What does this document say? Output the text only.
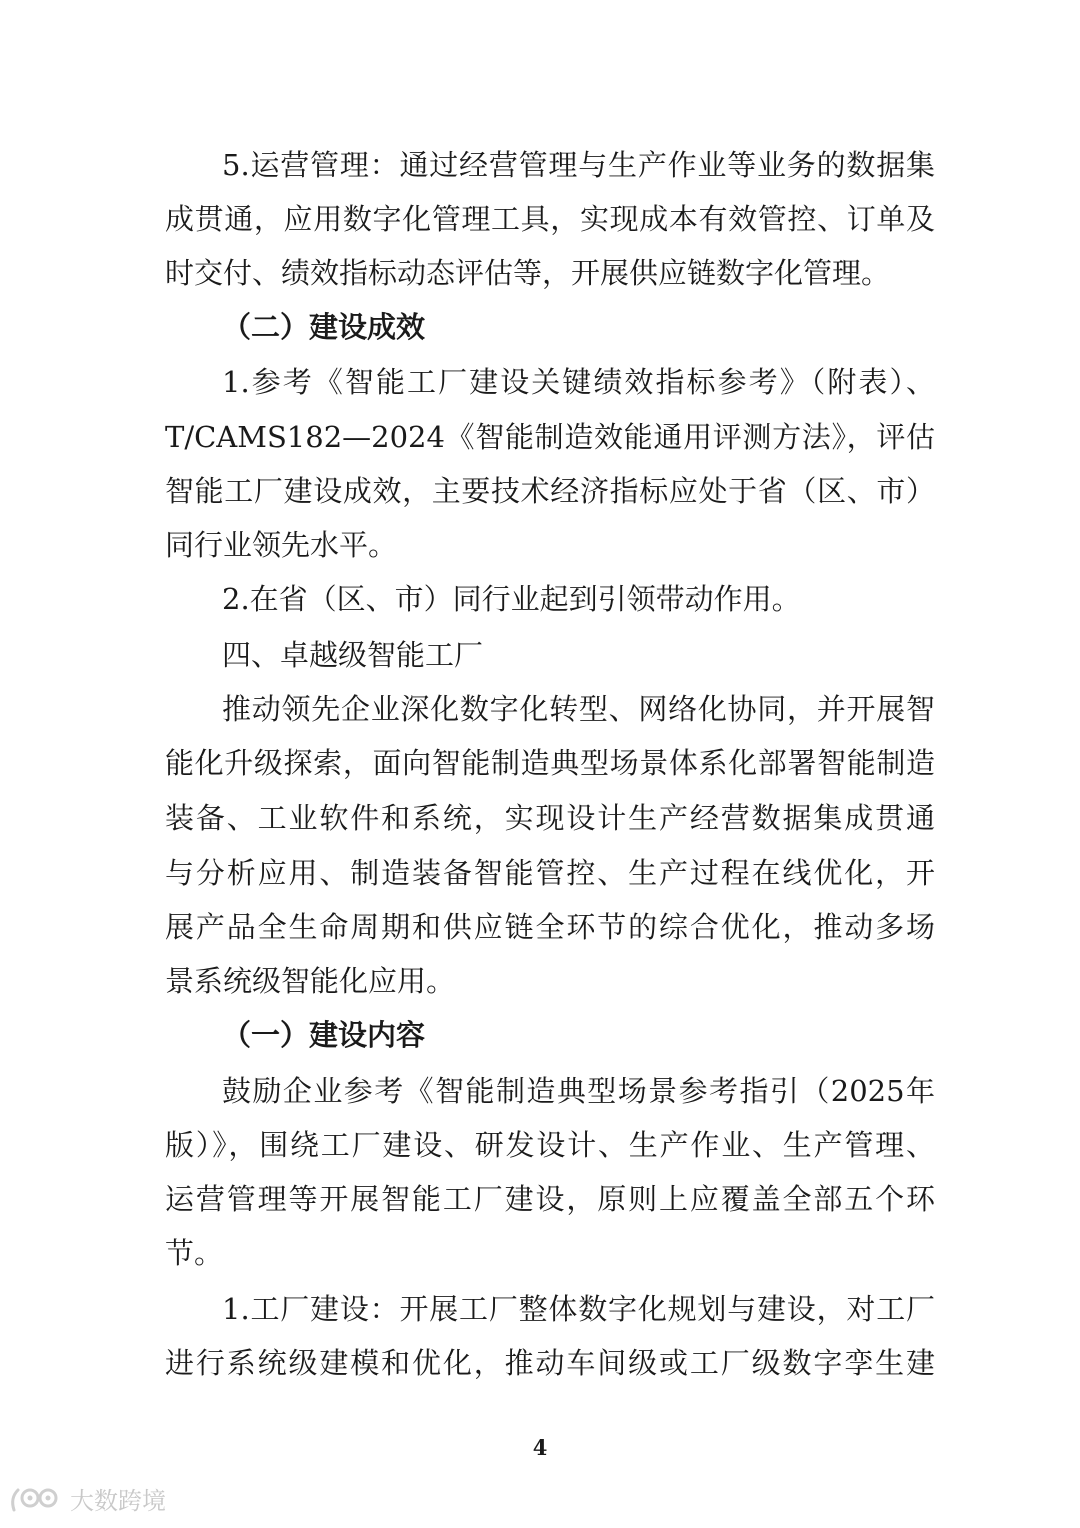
5.运营管理：通过经营管理与生产作业等业务的数据集
成贯通，应用数字化管理工具，实现成本有效管控、订单及
时交付、绩效指标动态评估等，开展供应链数字化管理。
（二）建设成效
1.参考《智能工厂建设关键绩效指标参考》（附表）、
T/CAMS182—2024《智能制造效能通用评测方法》，评估
智能工厂建设成效，主要技术经济指标应处于省（区、市）
同行业领先水平。
2.在省（区、市）同行业起到引领带动作用。
四、卓越级智能工厂
推动领先企业深化数字化转型、网络化协同，并开展智
能化升级探索，面向智能制造典型场景体系化部署智能制造
装备、工业软件和系统，实现设计生产经营数据集成贯通
与分析应用、制造装备智能管控、生产过程在线优化，开
展产品全生命周期和供应链全环节的综合优化，推动多场
景系统级智能化应用。
（一）建设内容
鼓励企业参考《智能制造典型场景参考指引（2025年
版）》，围绕工厂建设、研发设计、生产作业、生产管理、
运营管理等开展智能工厂建设，原则上应覆盖全部五个环
节。
1.工厂建设：开展工厂整体数字化规划与建设，对工厂
进行系统级建模和优化，推动车间级或工厂级数字孪生建
4
大数跨境
